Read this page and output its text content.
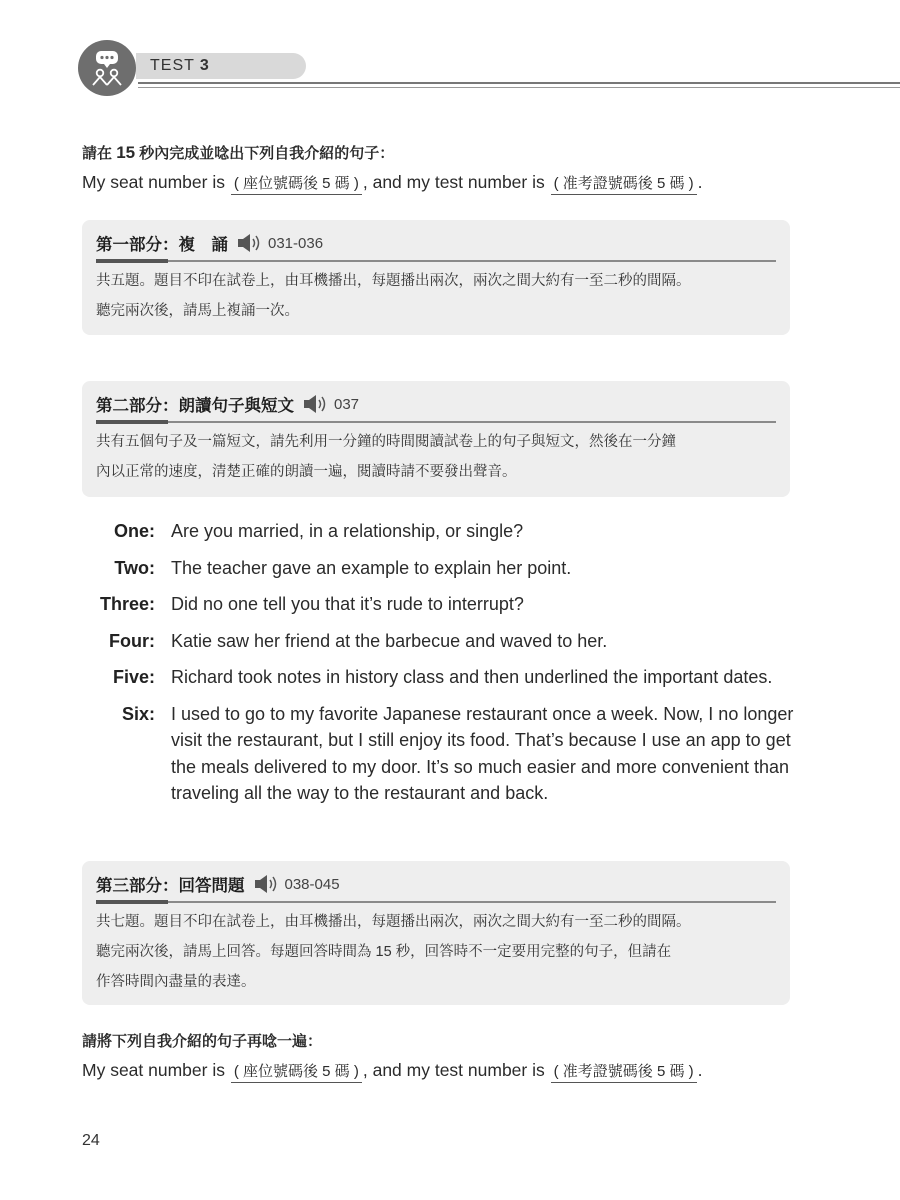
TEST 3
請在 15 秒內完成並唸出下列自我介紹的句子：
My seat number is ( 座位號碼後 5 碼 ) , and my test number is ( 准考證號碼後 5 碼 ) .
第一部分：複　誦	031-036
共五題。題目不印在試卷上，由耳機播出，每題播出兩次，兩次之間大約有一至二秒的間隔。
聽完兩次後，請馬上複誦一次。
第二部分：朗讀句子與短文	037
共有五個句子及一篇短文，請先利用一分鐘的時間閱讀試卷上的句子與短文，然後在一分鐘
內以正常的速度，清楚正確的朗讀一遍，閱讀時請不要發出聲音。
One: Are you married, in a relationship, or single?
Two: The teacher gave an example to explain her point.
Three: Did no one tell you that it’s rude to interrupt?
Four: Katie saw her friend at the barbecue and waved to her.
Five: Richard took notes in history class and then underlined the important dates.
Six: I used to go to my favorite Japanese restaurant once a week. Now, I no longer visit the restaurant, but I still enjoy its food. That’s because I use an app to get the meals delivered to my door. It’s so much easier and more convenient than traveling all the way to the restaurant and back.
第三部分：回答問題	038-045
共七題。題目不印在試卷上，由耳機播出，每題播出兩次，兩次之間大約有一至二秒的間隔。
聽完兩次後，請馬上回答。每題回答時間為 15 秒，回答時不一定要用完整的句子，但請在
作答時間內盡量的表達。
請將下列自我介紹的句子再唸一遍：
My seat number is ( 座位號碼後 5 碼 ) , and my test number is ( 准考證號碼後 5 碼 ) .
24
